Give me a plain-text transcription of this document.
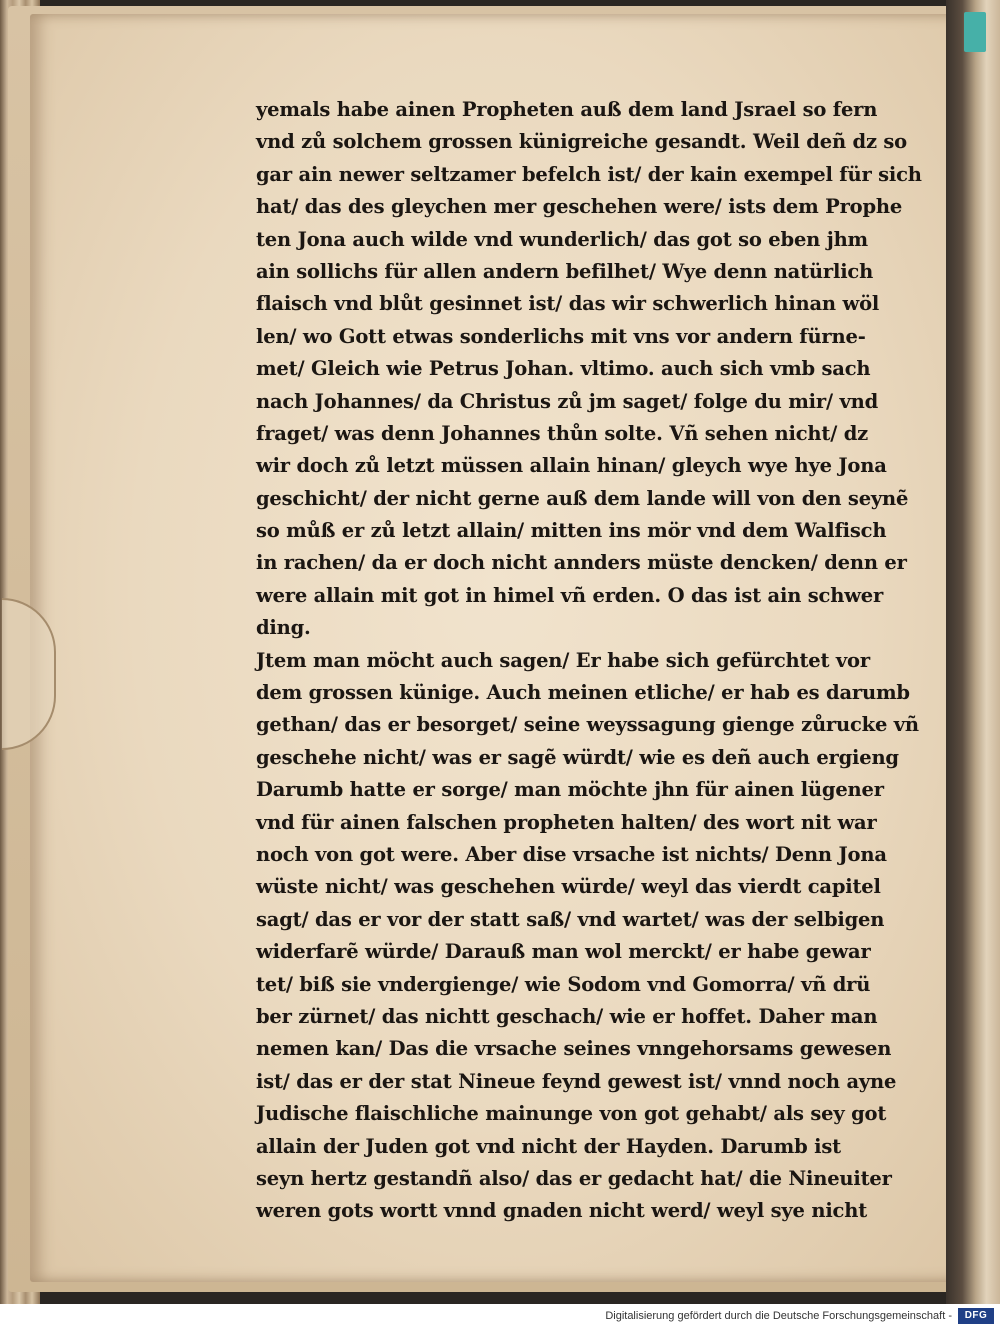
yemals habe ainen Propheten auß dem land Jsrael so fern
vnd zů solchem grossen künigreiche gesandt. Weil deñ dz so
gar ain newer seltzamer befelch ist/ der kain exempel für sich
hat/ das des gleychen mer geschehen were/ ists dem Prophe
ten Jona auch wilde vnd wunderlich/ das got so eben jhm
ain sollichs für allen andern befilhet/ Wye denn natürlich
flaisch vnd blůt gesinnet ist/ das wir schwerlich hinan wöl
len/ wo Gott etwas sonderlichs mit vns vor andern fürne-
met/ Gleich wie Petrus Johan. vltimo. auch sich vmb sach
nach Johannes/ da Christus zů jm saget/ folge du mir/ vnd
fraget/ was denn Johannes thůn solte. Vñ sehen nicht/ dz
wir doch zů letzt müssen allain hinan/ gleych wye hye Jona
geschicht/ der nicht gerne auß dem lande will von den seynẽ
so můß er zů letzt allain/ mitten ins mör vnd dem Walfisch
in rachen/ da er doch nicht annders müste dencken/ denn er
were allain mit got in himel vñ erden. O das ist ain schwer
ding.
Jtem man möcht auch sagen/ Er habe sich gefürchtet vor
dem grossen künige. Auch meinen etliche/ er hab es darumb
gethan/ das er besorget/ seine weyssagung gienge zůrucke vñ
geschehe nicht/ was er sagẽ würdt/ wie es deñ auch ergieng
Darumb hatte er sorge/ man möchte jhn für ainen lügener
vnd für ainen falschen propheten halten/ des wort nit war
noch von got were. Aber dise vrsache ist nichts/ Denn Jona
wüste nicht/ was geschehen würde/ weyl das vierdt capitel
sagt/ das er vor der statt saß/ vnd wartet/ was der selbigen
widerfarẽ würde/ Darauß man wol merckt/ er habe gewar
tet/ biß sie vndergienge/ wie Sodom vnd Gomorra/ vñ drü
ber zürnet/ das nichtt geschach/ wie er hoffet. Daher man
nemen kan/ Das die vrsache seines vnngehorsams gewesen
ist/ das er der stat Nineue feynd gewest ist/ vnnd noch ayne
Judische flaischliche mainunge von got gehabt/ als sey got
allain der Juden got vnd nicht der Hayden. Darumb ist
seyn hertz gestandñ also/ das er gedacht hat/ die Nineuiter
weren gots wortt vnnd gnaden nicht werd/ weyl sye nicht
Digitalisierung gefördert durch die Deutsche Forschungsgemeinschaft -	DFG
